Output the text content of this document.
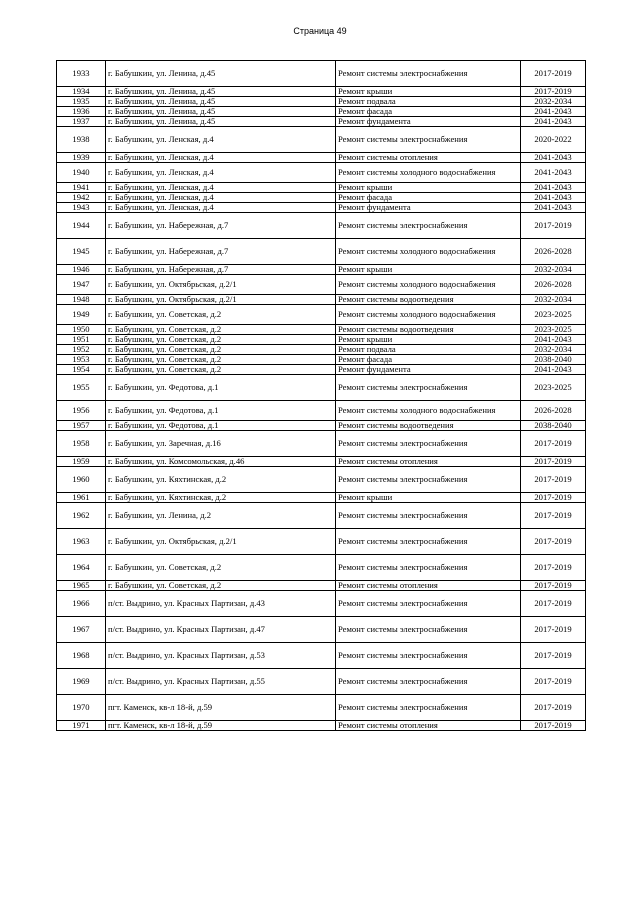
Страница 49
1933	г. Бабушкин, ул. Ленина, д.45	Ремонт системы электроснабжения	2017-2019
1934	г. Бабушкин, ул. Ленина, д.45	Ремонт крыши	2017-2019
1935	г. Бабушкин, ул. Ленина, д.45	Ремонт подвала	2032-2034
1936	г. Бабушкин, ул. Ленина, д.45	Ремонт фасада	2041-2043
1937	г. Бабушкин, ул. Ленина, д.45	Ремонт фундамента	2041-2043
1938	г. Бабушкин, ул. Ленская, д.4	Ремонт системы электроснабжения	2020-2022
1939	г. Бабушкин, ул. Ленская, д.4	Ремонт системы отопления	2041-2043
1940	г. Бабушкин, ул. Ленская, д.4	Ремонт системы холодного водоснабжения	2041-2043
1941	г. Бабушкин, ул. Ленская, д.4	Ремонт крыши	2041-2043
1942	г. Бабушкин, ул. Ленская, д.4	Ремонт фасада	2041-2043
1943	г. Бабушкин, ул. Ленская, д.4	Ремонт фундамента	2041-2043
1944	г. Бабушкин, ул. Набережная, д.7	Ремонт системы электроснабжения	2017-2019
1945	г. Бабушкин, ул. Набережная, д.7	Ремонт системы холодного водоснабжения	2026-2028
1946	г. Бабушкин, ул. Набережная, д.7	Ремонт крыши	2032-2034
1947	г. Бабушкин, ул. Октябрьская, д.2/1	Ремонт системы холодного водоснабжения	2026-2028
1948	г. Бабушкин, ул. Октябрьская, д.2/1	Ремонт системы водоотведения	2032-2034
1949	г. Бабушкин, ул. Советская, д.2	Ремонт системы холодного водоснабжения	2023-2025
1950	г. Бабушкин, ул. Советская, д.2	Ремонт системы водоотведения	2023-2025
1951	г. Бабушкин, ул. Советская, д.2	Ремонт крыши	2041-2043
1952	г. Бабушкин, ул. Советская, д.2	Ремонт подвала	2032-2034
1953	г. Бабушкин, ул. Советская, д.2	Ремонт фасада	2038-2040
1954	г. Бабушкин, ул. Советская, д.2	Ремонт фундамента	2041-2043
1955	г. Бабушкин, ул. Федотова, д.1	Ремонт системы электроснабжения	2023-2025
1956	г. Бабушкин, ул. Федотова, д.1	Ремонт системы холодного водоснабжения	2026-2028
1957	г. Бабушкин, ул. Федотова, д.1	Ремонт системы водоотведения	2038-2040
1958	г. Бабушкин, ул. Заречная, д.16	Ремонт системы электроснабжения	2017-2019
1959	г. Бабушкин, ул. Комсомольская, д.46	Ремонт системы отопления	2017-2019
1960	г. Бабушкин, ул. Кяхтинская, д.2	Ремонт системы электроснабжения	2017-2019
1961	г. Бабушкин, ул. Кяхтинская, д.2	Ремонт крыши	2017-2019
1962	г. Бабушкин, ул. Ленина, д.2	Ремонт системы электроснабжения	2017-2019
1963	г. Бабушкин, ул. Октябрьская, д.2/1	Ремонт системы электроснабжения	2017-2019
1964	г. Бабушкин, ул. Советская, д.2	Ремонт системы электроснабжения	2017-2019
1965	г. Бабушкин, ул. Советская, д.2	Ремонт системы отопления	2017-2019
1966	п/ст. Выдрино, ул. Красных Партизан, д.43	Ремонт системы электроснабжения	2017-2019
1967	п/ст. Выдрино, ул. Красных Партизан, д.47	Ремонт системы электроснабжения	2017-2019
1968	п/ст. Выдрино, ул. Красных Партизан, д.53	Ремонт системы электроснабжения	2017-2019
1969	п/ст. Выдрино, ул. Красных Партизан, д.55	Ремонт системы электроснабжения	2017-2019
1970	пгт. Каменск, кв-л 18-й, д.59	Ремонт системы электроснабжения	2017-2019
1971	пгт. Каменск, кв-л 18-й, д.59	Ремонт системы отопления	2017-2019
